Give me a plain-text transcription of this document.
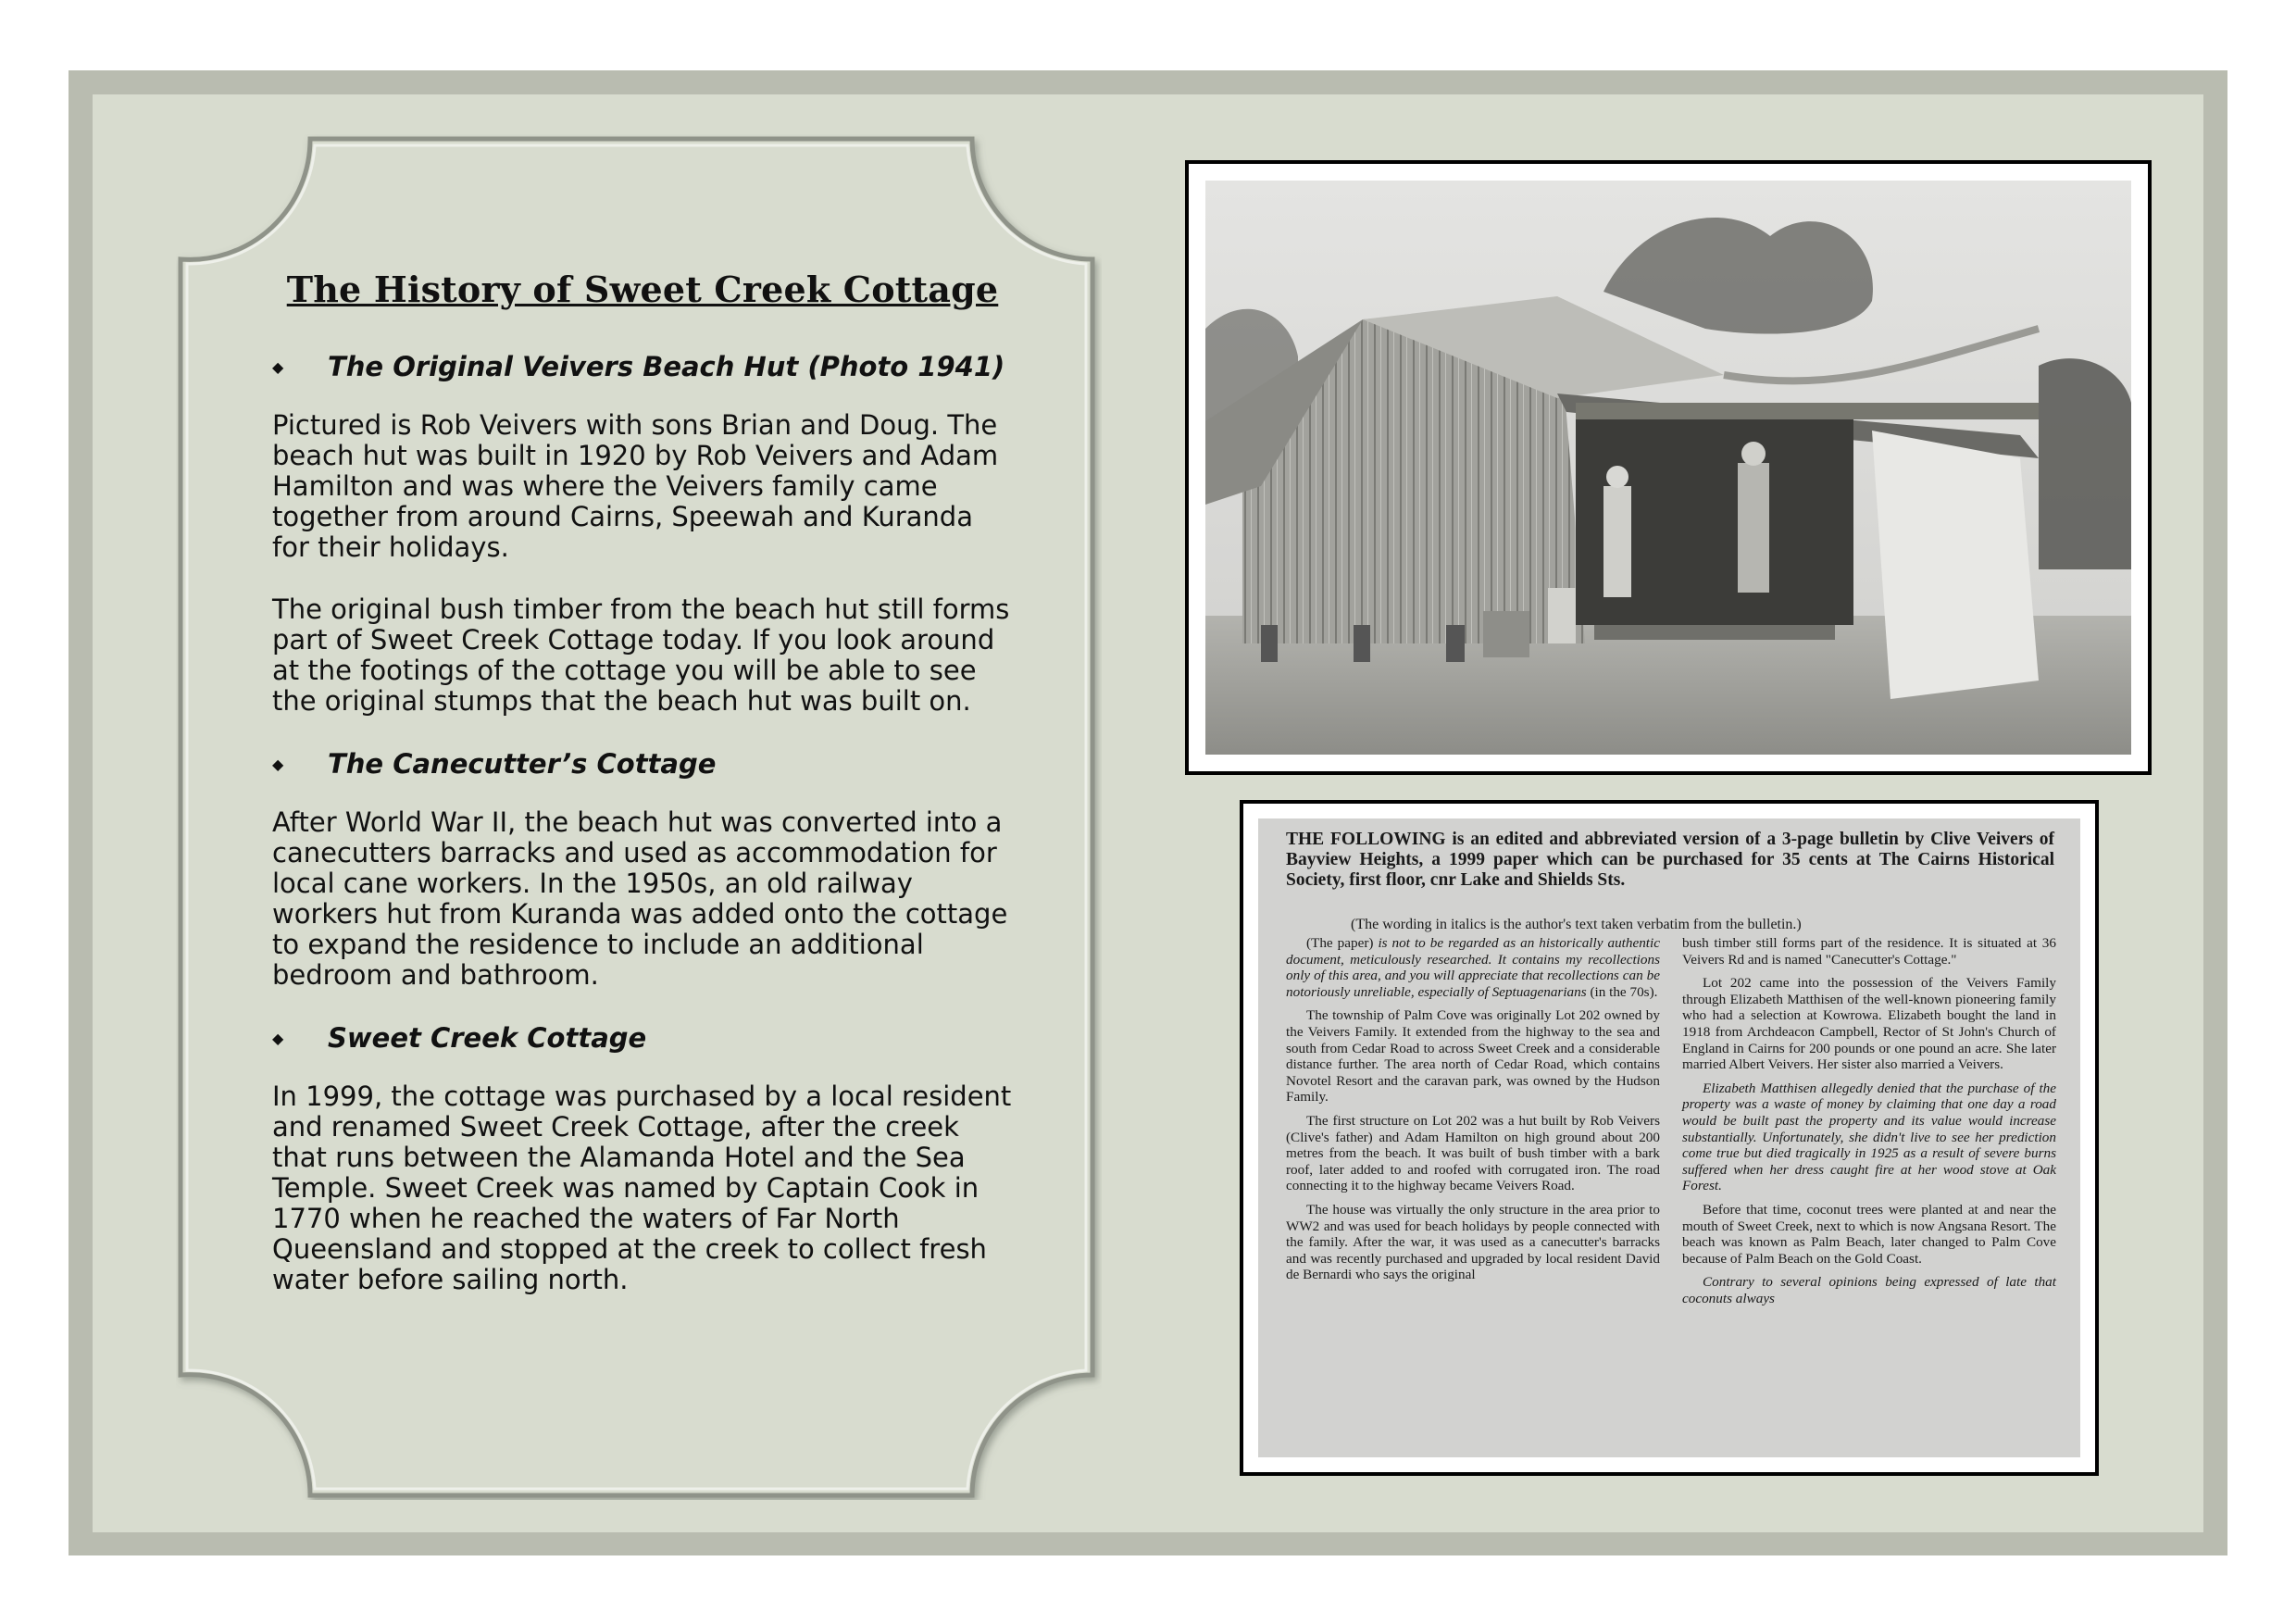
The History of Sweet Creek Cottage
◆	The Original Veivers Beach Hut (Photo 1941)

Pictured is Rob Veivers with sons Brian and Doug. The beach hut was built in 1920 by Rob Veivers and Adam Hamilton and was where the Veivers family came together from around Cairns, Speewah and Kuranda for their holidays.

The original bush timber from the beach hut still forms part of Sweet Creek Cottage today. If you look around at the footings of the cottage you will be able to see the original stumps that the beach hut was built on.

◆	The Canecutter’s Cottage

After World War II, the beach hut was converted into a canecutters barracks and used as accommodation for local cane workers. In the 1950s, an old railway workers hut from Kuranda was added onto the cottage to expand the residence to include an additional bedroom and bathroom.

◆	Sweet Creek Cottage

In 1999, the cottage was purchased by a local resident and renamed Sweet Creek Cottage, after the creek that runs between the Alamanda Hotel and the Sea Temple. Sweet Creek was named by Captain Cook in 1770 when he reached the waters of Far North Queensland and stopped at the creek to collect fresh water before sailing north.

THE FOLLOWING is an edited and abbreviated version of a 3-page bulletin by Clive Veivers of Bayview Heights, a 1999 paper which can be purchased for 35 cents at The Cairns Historical Society, first floor, cnr Lake and Shields Sts.
(The wording in italics is the author's text taken verbatim from the bulletin.)

(The paper) is not to be regarded as an historically authentic document, meticulously researched. It contains my recollections only of this area, and you will appreciate that recollections can be notoriously unreliable, especially of Septuagenarians (in the 70s).

The township of Palm Cove was originally Lot 202 owned by the Veivers Family. It extended from the highway to the sea and south from Cedar Road to across Sweet Creek and a considerable distance further. The area north of Cedar Road, which contains Novotel Resort and the caravan park, was owned by the Hudson Family.

The first structure on Lot 202 was a hut built by Rob Veivers (Clive's father) and Adam Hamilton on high ground about 200 metres from the beach. It was built of bush timber with a bark roof, later added to and roofed with corrugated iron. The road connecting it to the highway became Veivers Road.

The house was virtually the only structure in the area prior to WW2 and was used for beach holidays by people connected with the family. After the war, it was used as a canecutter's barracks and was recently purchased and upgraded by local resident David de Bernardi who says the original

bush timber still forms part of the residence. It is situated at 36 Veivers Rd and is named "Canecutter's Cottage."

Lot 202 came into the possession of the Veivers Family through Elizabeth Matthisen of the well-known pioneering family who had a selection at Kowrowa. Elizabeth bought the land in 1918 from Archdeacon Campbell, Rector of St John's Church of England in Cairns for 200 pounds or one pound an acre. She later married Albert Veivers. Her sister also married a Veivers.

Elizabeth Matthisen allegedly denied that the purchase of the property was a waste of money by claiming that one day a road would be built past the property and its value would increase substantially. Unfortunately, she didn't live to see her prediction come true but died tragically in 1925 as a result of severe burns suffered when her dress caught fire at her wood stove at Oak Forest.

Before that time, coconut trees were planted at and near the mouth of Sweet Creek, next to which is now Angsana Resort. The beach was known as Palm Beach, later changed to Palm Cove because of Palm Beach on the Gold Coast.

Contrary to several opinions being expressed of late that coconuts always
